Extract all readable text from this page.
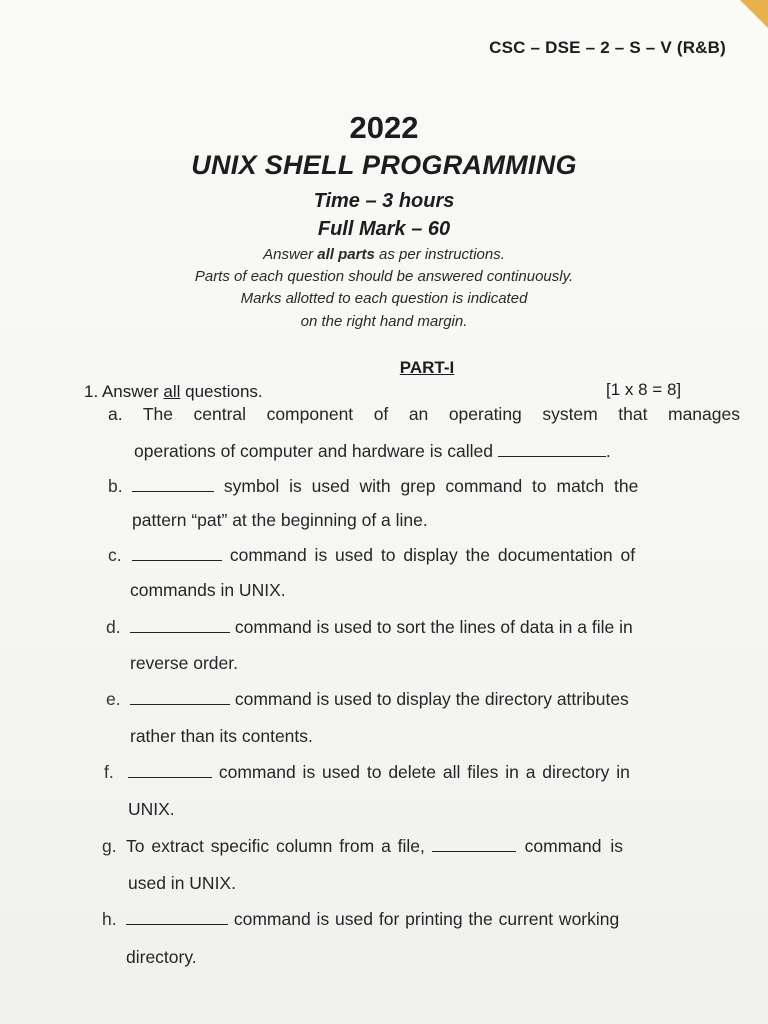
CSC – DSE – 2 – S – V (R&B)
2022
UNIX SHELL PROGRAMMING
Time – 3 hours
Full Mark – 60
Answer all parts as per instructions.
Parts of each question should be answered continuously.
Marks allotted to each question is indicated
on the right hand margin.
PART-I
1. Answer all questions.	[1 x 8 = 8]
a. The central component of an operating system that manages
operations of computer and hardware is called	.
b.	symbol is used with grep command to match the
pattern “pat” at the beginning of a line.
c.	command is used to display the documentation of
commands in UNIX.
d.	command is used to sort the lines of data in a file in
reverse order.
e.	command is used to display the directory attributes
rather than its contents.
f.	command is used to delete all files in a directory in
UNIX.
g. To extract specific column from a file,	command is
used in UNIX.
h.	command is used for printing the current working
directory.
